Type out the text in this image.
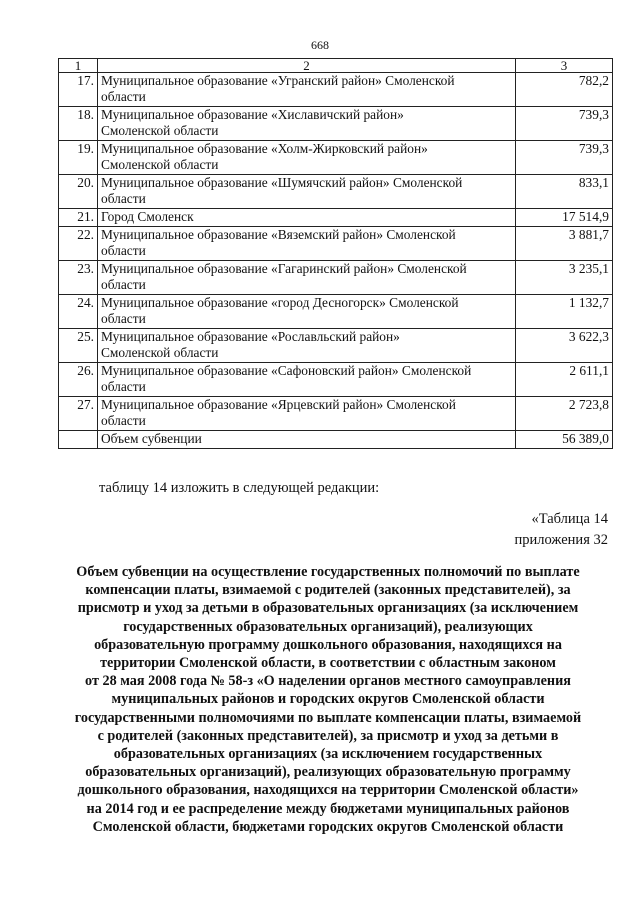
668
1	2	3
17.	Муниципальное образование «Угранский район» Смоленской
области	782,2
18.	Муниципальное образование «Хиславичский район»
Смоленской области	739,3
19.	Муниципальное образование «Холм-Жирковский район»
Смоленской области	739,3
20.	Муниципальное образование «Шумячский район» Смоленской
области	833,1
21.	Город Смоленск	17 514,9
22.	Муниципальное образование «Вяземский район» Смоленской
области	3 881,7
23.	Муниципальное образование «Гагаринский район» Смоленской
области	3 235,1
24.	Муниципальное образование «город Десногорск» Смоленской
области	1 132,7
25.	Муниципальное образование «Рославльский район»
Смоленской области	3 622,3
26.	Муниципальное образование «Сафоновский район» Смоленской
области	2 611,1
27.	Муниципальное образование «Ярцевский район» Смоленской
области	2 723,8
	Объем субвенции	56 389,0
таблицу 14 изложить в следующей редакции:
«Таблица 14
приложения 32
Объем субвенции на осуществление государственных полномочий по выплате
компенсации платы, взимаемой с родителей (законных представителей), за
присмотр и уход за детьми в образовательных организациях (за исключением
государственных образовательных организаций), реализующих
образовательную программу дошкольного образования, находящихся на
территории Смоленской области, в соответствии с областным законом
от 28 мая 2008 года № 58-з «О наделении органов местного самоуправления
муниципальных районов и городских округов Смоленской области
государственными полномочиями по выплате компенсации платы, взимаемой
с родителей (законных представителей), за присмотр и уход за детьми в
образовательных организациях (за исключением государственных
образовательных организаций), реализующих образовательную программу
дошкольного образования, находящихся на территории Смоленской области»
на 2014 год и ее распределение между бюджетами муниципальных районов
Смоленской области, бюджетами городских округов Смоленской области
